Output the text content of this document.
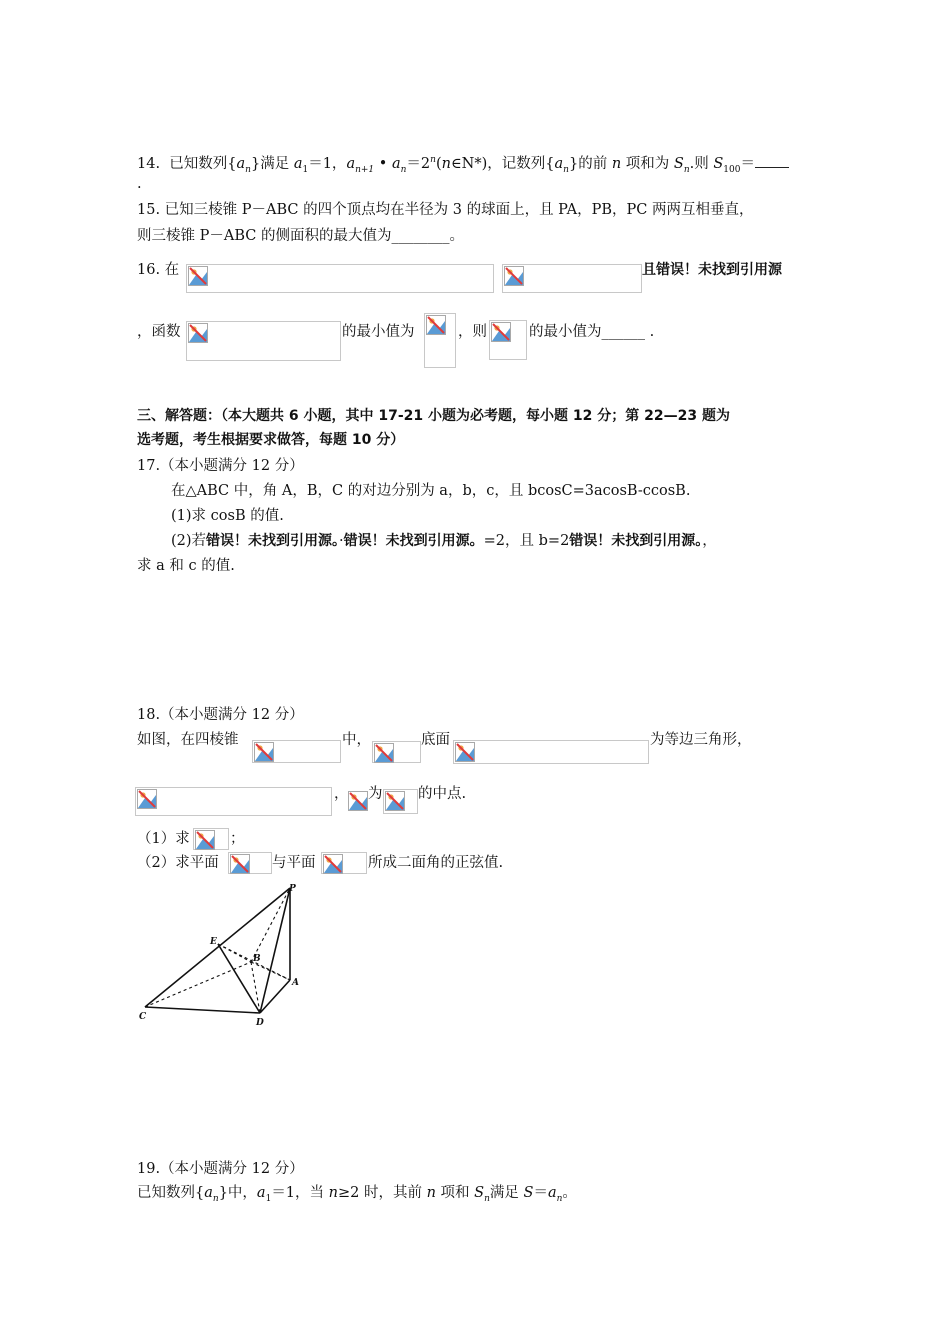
14. 已知数列$\{a_n\}$满足 $a_1=1$，$a_{n+1}$ • $a_n=2^n(n\in N*)$，记数列$\{a_n\}$的前 n 项和为 $S_n$.则 $S_{100}=$
.
15. 已知三棱锥 P－ABC 的四个顶点均在半径为 3 的球面上，且 PA，PB，PC 两两互相垂直，
则三棱锥 P－ABC 的侧面积的最大值为________。
16. 在	且错误！未找到引用源
，函数	的最小值为	，则	的最小值为______ .
三、解答题：（本大题共 6 小题，其中 17-21 小题为必考题，每小题 12 分；第 22—23 题为
选考题，考生根据要求做答，每题 10 分）
17.（本小题满分 12 分）
在△ABC 中，角 A，B，C 的对边分别为 a，b，c，且 bcosC=3acosB-ccosB.
(1)求 cosB 的值.
(2)若错误！未找到引用源。·错误！未找到引用源。=2，且 b=2错误！未找到引用源。，
求 a 和 c 的值.
18.（本小题满分 12 分）
如图，在四棱锥	中，	底面	为等边三角形，
， 为 的中点.
（1）求	；
（2）求平面	与平面	所成二面角的正弦值.
P
E
B
A
C
D
19.（本小题满分 12 分）
已知数列$\{a_n\}$中，$a_1=1$，当 n≥2 时，其前 n 项和 $S_n$满足 $S=a_n$。
